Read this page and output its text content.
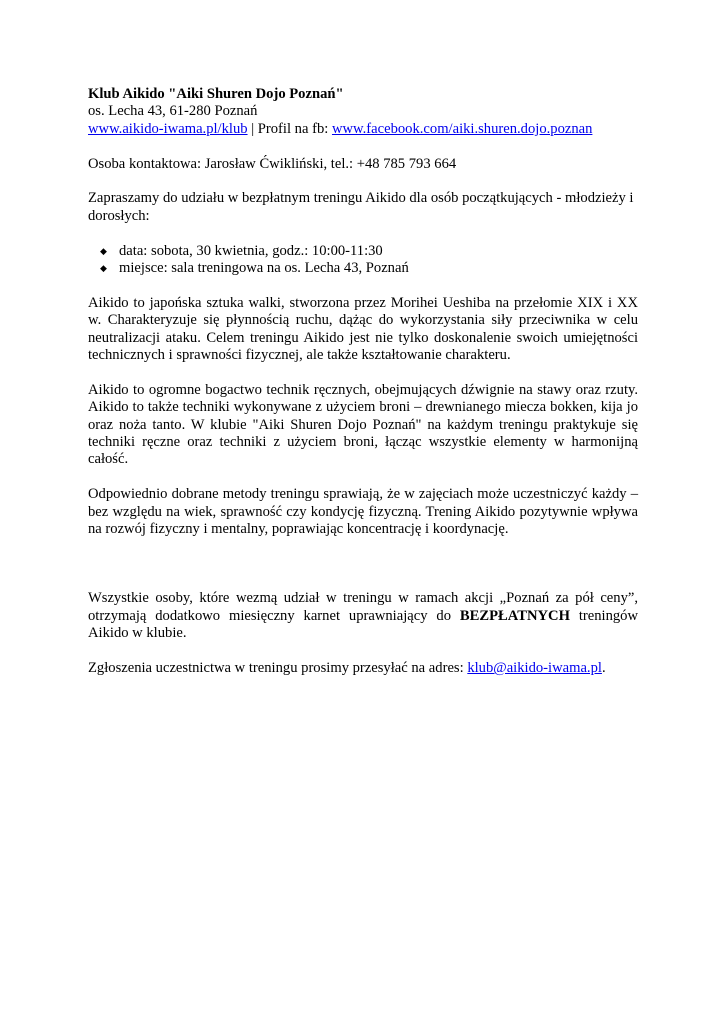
Klub Aikido "Aiki Shuren Dojo Poznań"

os. Lecha 43, 61-280 Poznań

www.aikido-iwama.pl/klub | Profil na fb: www.facebook.com/aiki.shuren.dojo.poznan

Osoba kontaktowa: Jarosław Ćwikliński, tel.: +48 785 793 664

Zapraszamy do udziału w bezpłatnym treningu Aikido dla osób początkujących - młodzieży i dorosłych:

◆ data: sobota, 30 kwietnia, godz.: 10:00-11:30
◆ miejsce: sala treningowa na os. Lecha 43, Poznań

Aikido to japońska sztuka walki, stworzona przez Morihei Ueshiba na przełomie XIX i XX w. Charakteryzuje się płynnością ruchu, dążąc do wykorzystania siły przeciwnika w celu neutralizacji ataku. Celem treningu Aikido jest nie tylko doskonalenie swoich umiejętności technicznych i sprawności fizycznej, ale także kształtowanie charakteru.

Aikido to ogromne bogactwo technik ręcznych, obejmujących dźwignie na stawy oraz rzuty. Aikido to także techniki wykonywane z użyciem broni – drewnianego miecza bokken, kija jo oraz noża tanto. W klubie "Aiki Shuren Dojo Poznań" na każdym treningu praktykuje się techniki ręczne oraz techniki z użyciem broni, łącząc wszystkie elementy w harmonijną całość.

Odpowiednio dobrane metody treningu sprawiają, że w zajęciach może uczestniczyć każdy – bez względu na wiek, sprawność czy kondycję fizyczną. Trening Aikido pozytywnie wpływa na rozwój fizyczny i mentalny, poprawiając koncentrację i koordynację.

Wszystkie osoby, które wezmą udział w treningu w ramach akcji „Poznań za pół ceny”, otrzymają dodatkowo miesięczny karnet uprawniający do BEZPŁATNYCH treningów Aikido w klubie.

Zgłoszenia uczestnictwa w treningu prosimy przesyłać na adres: klub@aikido-iwama.pl.
